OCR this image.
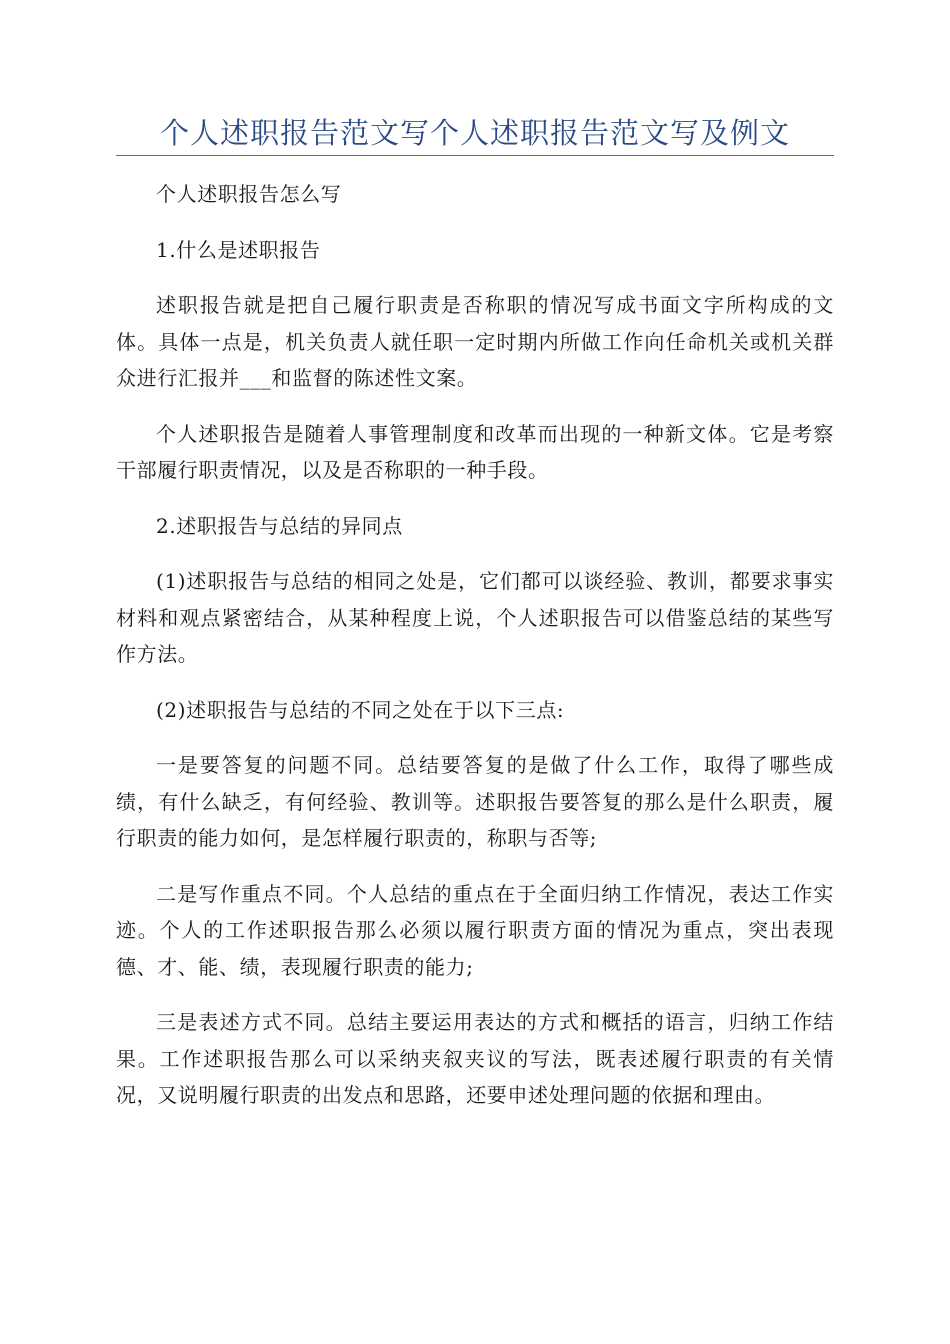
个人述职报告范文写个人述职报告范文写及例文

个人述职报告怎么写

1.什么是述职报告

述职报告就是把自己履行职责是否称职的情况写成书面文字所构成的文体。具体一点是，机关负责人就任职一定时期内所做工作向任命机关或机关群众进行汇报并___和监督的陈述性文案。

个人述职报告是随着人事管理制度和改革而出现的一种新文体。它是考察干部履行职责情况，以及是否称职的一种手段。

2.述职报告与总结的异同点

(1)述职报告与总结的相同之处是，它们都可以谈经验、教训，都要求事实材料和观点紧密结合，从某种程度上说，个人述职报告可以借鉴总结的某些写作方法。

(2)述职报告与总结的不同之处在于以下三点:

一是要答复的问题不同。总结要答复的是做了什么工作，取得了哪些成绩，有什么缺乏，有何经验、教训等。述职报告要答复的那么是什么职责，履行职责的能力如何，是怎样履行职责的，称职与否等;

二是写作重点不同。个人总结的重点在于全面归纳工作情况，表达工作实迹。个人的工作述职报告那么必须以履行职责方面的情况为重点，突出表现德、才、能、绩，表现履行职责的能力;

三是表述方式不同。总结主要运用表达的方式和概括的语言，归纳工作结果。工作述职报告那么可以采纳夹叙夹议的写法，既表述履行职责的有关情况，又说明履行职责的出发点和思路，还要申述处理问题的依据和理由。
